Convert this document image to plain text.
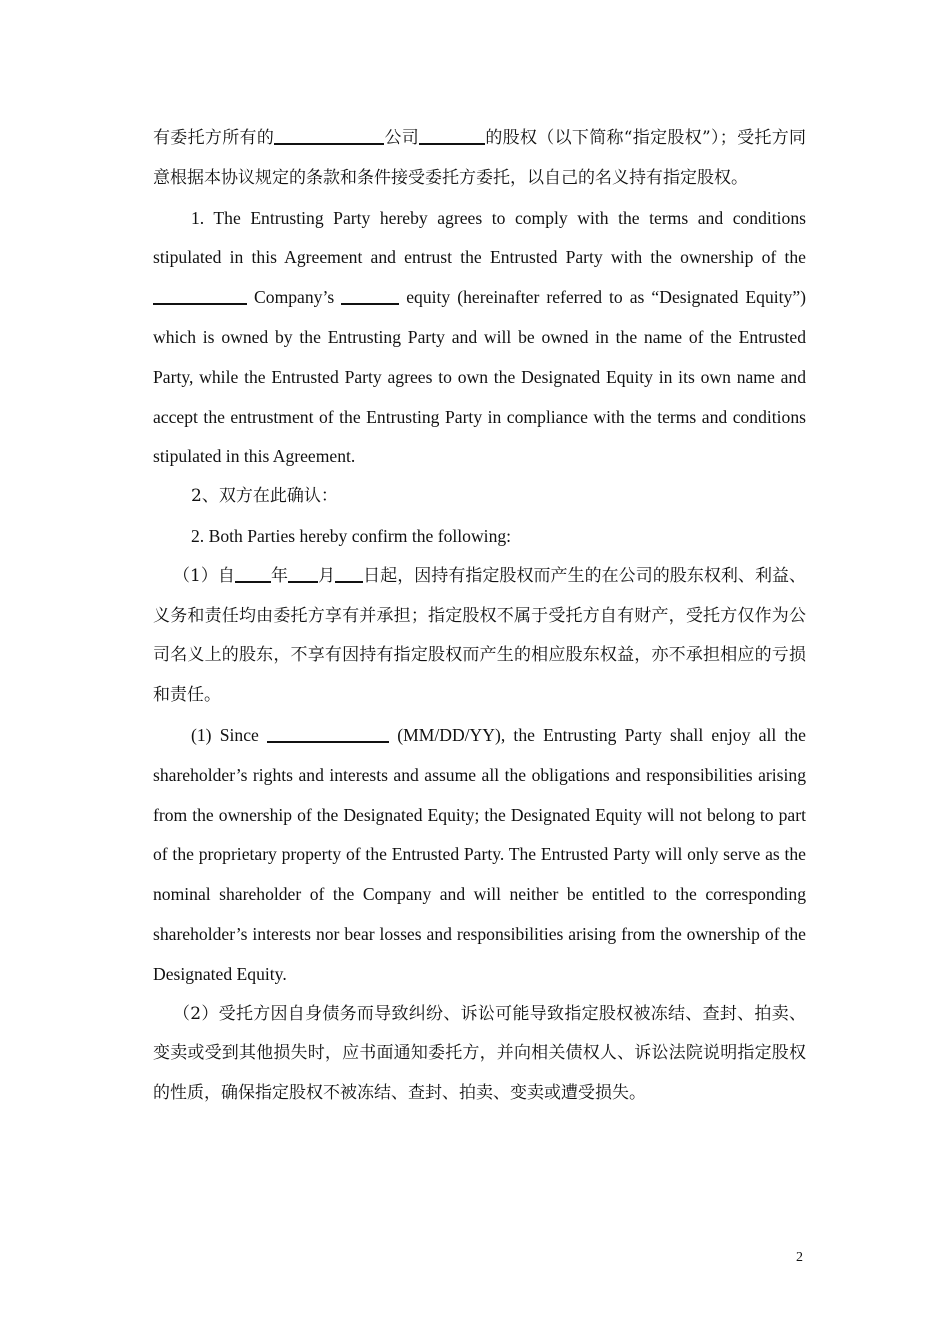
有委托方所有的	公司	的股权（以下简称“指定股权”）；受托方同意根据本协议规定的条款和条件接受委托方委托，以自己的名义持有指定股权。

1. The Entrusting Party hereby agrees to comply with the terms and conditions stipulated in this Agreement and entrust the Entrusted Party with the ownership of the Company’s	equity (hereinafter referred to as “Designated Equity”) which is owned by the Entrusting Party and will be owned in the name of the Entrusted Party, while the Entrusted Party agrees to own the Designated Equity in its own name and accept the entrustment of the Entrusting Party in compliance with the terms and conditions stipulated in this Agreement.

2、双方在此确认：

2. Both Parties hereby confirm the following:

（1）自 年 月 日起，因持有指定股权而产生的在公司的股东权利、利益、义务和责任均由委托方享有并承担；指定股权不属于受托方自有财产，受托方仅作为公司名义上的股东，不享有因持有指定股权而产生的相应股东权益，亦不承担相应的亏损和责任。

(1) Since	(MM/DD/YY), the Entrusting Party shall enjoy all the shareholder’s rights and interests and assume all the obligations and responsibilities arising from the ownership of the Designated Equity; the Designated Equity will not belong to part of the proprietary property of the Entrusted Party. The Entrusted Party will only serve as the nominal shareholder of the Company and will neither be entitled to the corresponding shareholder’s interests nor bear losses and responsibilities arising from the ownership of the Designated Equity.

（2）受托方因自身债务而导致纠纷、诉讼可能导致指定股权被冻结、查封、拍卖、变卖或受到其他损失时，应书面通知委托方，并向相关债权人、诉讼法院说明指定股权的性质，确保指定股权不被冻结、查封、拍卖、变卖或遭受损失。

2
